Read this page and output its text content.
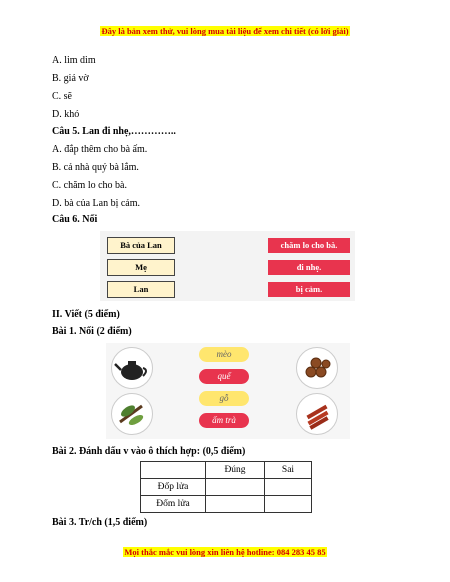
Đây là bản xem thử, vui lòng mua tài liệu để xem chi tiết (có lời giải)
A. lim dim
B. giả vờ
C. sẽ
D. khó
Câu 5. Lan đi nhẹ,…………..
A. đắp thêm cho bà ấm.
B. cả nhà quý bà lắm.
C. chăm lo cho bà.
D. bà của Lan bị cảm.
Câu 6. Nối
Bà của Lan
Mẹ
Lan
chăm lo cho bà.
đi nhẹ.
bị cảm.
II. Viết (5 điểm)
Bài 1. Nối (2 điểm)
mèo
quế
gỗ
ấm trà
Bài 2. Đánh dấu v vào ô thích hợp: (0,5 điểm)
	Đúng	Sai
Đốp lửa		
Đốm lửa		
Bài 3. Tr/ch (1,5 điểm)
Mọi thắc mắc vui lòng xin liên hệ hotline: 084 283 45 85
